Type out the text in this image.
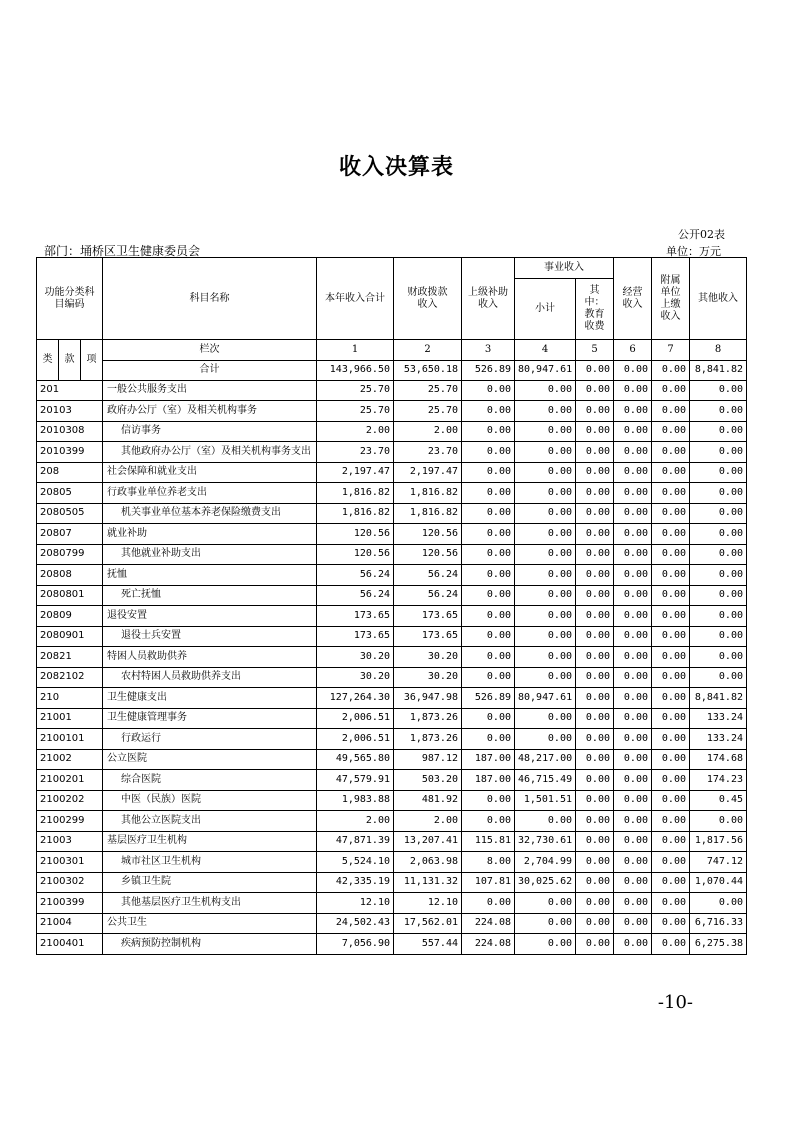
收入决算表
公开02表
部门：埇桥区卫生健康委员会	单位：万元
功能分类科目编码			科目名称	本年收入合计	财政拨款收入	上级补助收入	事业收入		经营收入	附属单位上缴收入	其他收入
							小计	其中：教育收费			

类	款	项	栏次	1	2	3	4	5	6	7	8
			合计	143,966.50	53,650.18	526.89	80,947.61	0.00	0.00	0.00	8,841.82
201			一般公共服务支出	25.70	25.70	0.00	0.00	0.00	0.00	0.00	0.00
20103			政府办公厅（室）及相关机构事务	25.70	25.70	0.00	0.00	0.00	0.00	0.00	0.00
2010308			信访事务	2.00	2.00	0.00	0.00	0.00	0.00	0.00	0.00
2010399			其他政府办公厅（室）及相关机构事务支出	23.70	23.70	0.00	0.00	0.00	0.00	0.00	0.00
208			社会保障和就业支出	2,197.47	2,197.47	0.00	0.00	0.00	0.00	0.00	0.00
20805			行政事业单位养老支出	1,816.82	1,816.82	0.00	0.00	0.00	0.00	0.00	0.00
2080505			机关事业单位基本养老保险缴费支出	1,816.82	1,816.82	0.00	0.00	0.00	0.00	0.00	0.00
20807			就业补助	120.56	120.56	0.00	0.00	0.00	0.00	0.00	0.00
2080799			其他就业补助支出	120.56	120.56	0.00	0.00	0.00	0.00	0.00	0.00
20808			抚恤	56.24	56.24	0.00	0.00	0.00	0.00	0.00	0.00
2080801			死亡抚恤	56.24	56.24	0.00	0.00	0.00	0.00	0.00	0.00
20809			退役安置	173.65	173.65	0.00	0.00	0.00	0.00	0.00	0.00
2080901			退役士兵安置	173.65	173.65	0.00	0.00	0.00	0.00	0.00	0.00
20821			特困人员救助供养	30.20	30.20	0.00	0.00	0.00	0.00	0.00	0.00
2082102			农村特困人员救助供养支出	30.20	30.20	0.00	0.00	0.00	0.00	0.00	0.00
210			卫生健康支出	127,264.30	36,947.98	526.89	80,947.61	0.00	0.00	0.00	8,841.82
21001			卫生健康管理事务	2,006.51	1,873.26	0.00	0.00	0.00	0.00	0.00	133.24
2100101			行政运行	2,006.51	1,873.26	0.00	0.00	0.00	0.00	0.00	133.24
21002			公立医院	49,565.80	987.12	187.00	48,217.00	0.00	0.00	0.00	174.68
2100201			综合医院	47,579.91	503.20	187.00	46,715.49	0.00	0.00	0.00	174.23
2100202			中医（民族）医院	1,983.88	481.92	0.00	1,501.51	0.00	0.00	0.00	0.45
2100299			其他公立医院支出	2.00	2.00	0.00	0.00	0.00	0.00	0.00	0.00
21003			基层医疗卫生机构	47,871.39	13,207.41	115.81	32,730.61	0.00	0.00	0.00	1,817.56
2100301			城市社区卫生机构	5,524.10	2,063.98	8.00	2,704.99	0.00	0.00	0.00	747.12
2100302			乡镇卫生院	42,335.19	11,131.32	107.81	30,025.62	0.00	0.00	0.00	1,070.44
2100399			其他基层医疗卫生机构支出	12.10	12.10	0.00	0.00	0.00	0.00	0.00	0.00
21004			公共卫生	24,502.43	17,562.01	224.08	0.00	0.00	0.00	0.00	6,716.33
2100401			疾病预防控制机构	7,056.90	557.44	224.08	0.00	0.00	0.00	0.00	6,275.38
-10-
